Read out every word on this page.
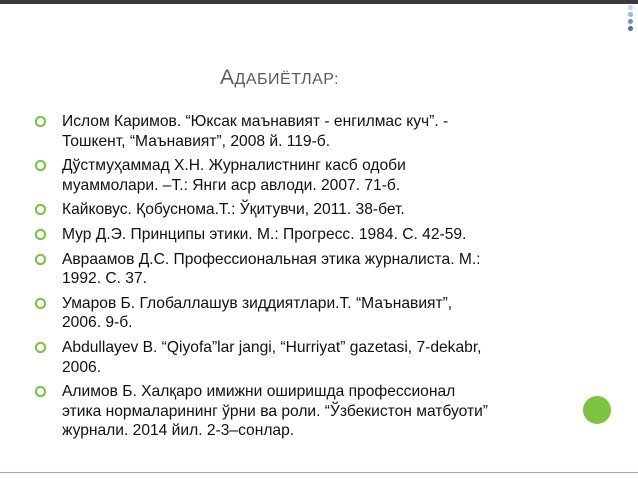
АДАБИЁТЛАР:
Ислом Каримов. “Юксак маънавият - енгилмас куч”. -
Тошкент, “Маънавият”, 2008 й. 119-б.
Дўстмуҳаммад Х.Н. Журналистнинг касб одоби
муаммолари. –Т.: Янги аср авлоди. 2007. 71-б.
Кайковус. Қобуснома.Т.: Ўқитувчи, 2011. 38-бет.
Мур Д.Э. Принципы этики. М.: Прогресс. 1984. С. 42-59.
Авраамов Д.С. Профессиональная этика журналиста. М.:
1992. С. 37.
Умаров Б. Глобаллашув зиддиятлари.Т. “Маънавият”,
2006. 9-б.
Abdullayev B. “Qiyofa”lar jangi, “Hurriyat” gazetasi, 7-dekabr,
2006.
Алимов Б. Халқаро имижни оширишда профессионал
этика нормаларининг ўрни ва роли. “Ўзбекистон матбуоти”
журнали. 2014 йил. 2-3–сонлар.
